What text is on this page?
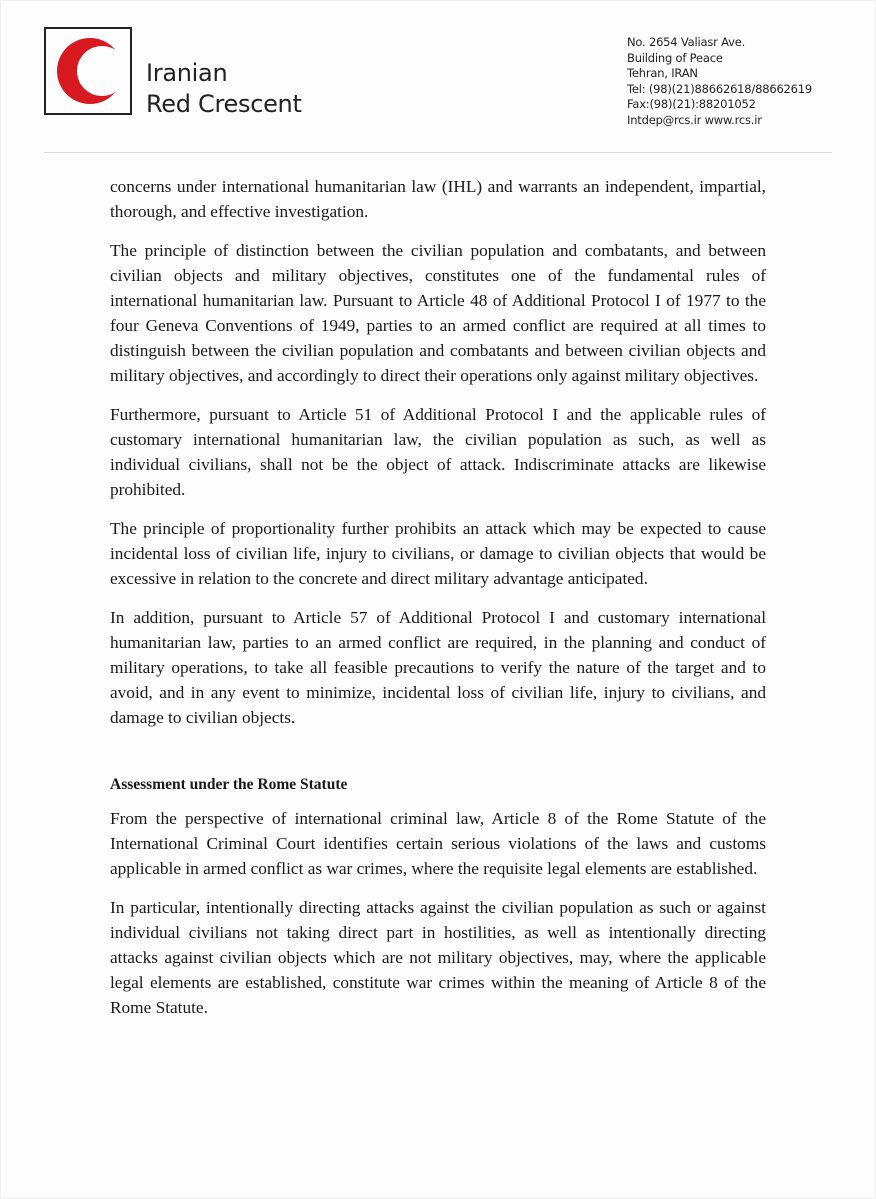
Iranian
Red Crescent
No. 2654 Valiasr Ave.
Building of Peace
Tehran, IRAN
Tel: (98)(21)88662618/88662619
Fax:(98)(21):88201052
Intdep@rcs.ir www.rcs.ir

concerns under international humanitarian law (IHL) and warrants an independent, impartial, thorough, and effective investigation.

The principle of distinction between the civilian population and combatants, and between civilian objects and military objectives, constitutes one of the fundamental rules of international humanitarian law. Pursuant to Article 48 of Additional Protocol I of 1977 to the four Geneva Conventions of 1949, parties to an armed conflict are required at all times to distinguish between the civilian population and combatants and between civilian objects and military objectives, and accordingly to direct their operations only against military objectives.

Furthermore, pursuant to Article 51 of Additional Protocol I and the applicable rules of customary international humanitarian law, the civilian population as such, as well as individual civilians, shall not be the object of attack. Indiscriminate attacks are likewise prohibited.

The principle of proportionality further prohibits an attack which may be expected to cause incidental loss of civilian life, injury to civilians, or damage to civilian objects that would be excessive in relation to the concrete and direct military advantage anticipated.

In addition, pursuant to Article 57 of Additional Protocol I and customary international humanitarian law, parties to an armed conflict are required, in the planning and conduct of military operations, to take all feasible precautions to verify the nature of the target and to avoid, and in any event to minimize, incidental loss of civilian life, injury to civilians, and damage to civilian objects.

Assessment under the Rome Statute

From the perspective of international criminal law, Article 8 of the Rome Statute of the International Criminal Court identifies certain serious violations of the laws and customs applicable in armed conflict as war crimes, where the requisite legal elements are established.

In particular, intentionally directing attacks against the civilian population as such or against individual civilians not taking direct part in hostilities, as well as intentionally directing attacks against civilian objects which are not military objectives, may, where the applicable legal elements are established, constitute war crimes within the meaning of Article 8 of the Rome Statute.
